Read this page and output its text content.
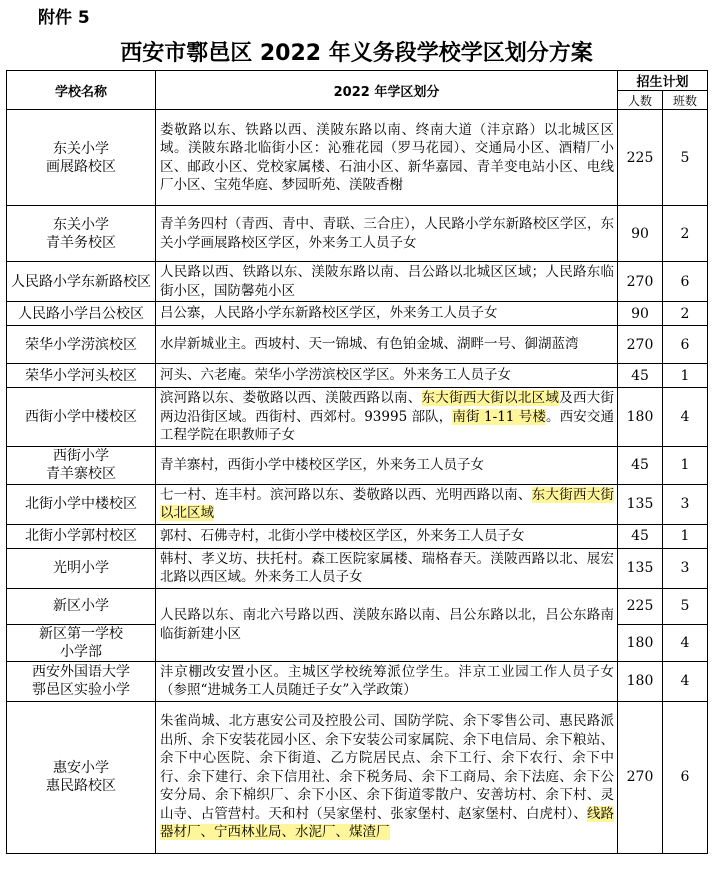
附件 5
西安市鄠邑区 2022 年义务段学校学区划分方案
学校名称	2022 年学区划分	招生计划	
		人数	班数

东关小学
画展路校区	娄敬路以东、铁路以西、渼陂东路以南、终南大道（沣京路）以北城区区域。渼陂东路北临街小区：沁雅花园（罗马花园）、交通局小区、酒精厂小区、邮政小区、党校家属楼、石油小区、新华嘉园、青羊变电站小区、电线厂小区、宝苑华庭、梦园昕苑、渼陂香榭	225	5

东关小学
青羊务校区	青羊务四村（青西、青中、青联、三合庄），人民路小学东新路校区学区，东关小学画展路校区学区，外来务工人员子女	90	2

人民路小学东新路校区	人民路以西、铁路以东、渼陂东路以南、吕公路以北城区区域；人民路东临街小区，国防馨苑小区	270	6

人民路小学吕公校区	吕公寨，人民路小学东新路校区学区，外来务工人员子女	90	2

荣华小学涝滨校区	水岸新城业主。西坡村、天一锦城、有色铂金城、湖畔一号、御湖蓝湾	270	6

荣华小学河头校区	河头、六老庵。荣华小学涝滨校区学区。外来务工人员子女	45	1

西街小学中楼校区	滨河路以东、娄敬路以西、渼陂西路以南、东大街西大街以北区域及西大街两边沿街区域。西街村、西郊村。93995 部队，南街 1-11 号楼。西安交通工程学院在职教师子女	180	4

西街小学
青羊寨校区	青羊寨村，西街小学中楼校区学区，外来务工人员子女	45	1

北街小学中楼校区	七一村、连丰村。滨河路以东、娄敬路以西、光明西路以南、东大街西大街以北区域	135	3

北街小学郭村校区	郭村、石佛寺村，北街小学中楼校区学区，外来务工人员子女	45	1

光明小学	韩村、孝义坊、扶托村。森工医院家属楼、瑞格春天。渼陂西路以北、展宏北路以西区域。外来务工人员子女	135	3

新区小学	人民路以东、南北六号路以西、渼陂东路以南、吕公东路以北，吕公东路南临街新建小区	225	5

新区第一学校
小学部		180	4

西安外国语大学
鄠邑区实验小学	沣京棚改安置小区。主城区学校统筹派位学生。沣京工业园工作人员子女（参照“进城务工人员随迁子女”入学政策）	180	4

惠安小学
惠民路校区	朱雀尚城、北方惠安公司及控股公司、国防学院、余下零售公司、惠民路派出所、余下安装花园小区、余下安装公司家属院、余下电信局、余下粮站、余下中心医院、余下街道、乙方院居民点、余下工行、余下农行、余下中行、余下建行、余下信用社、余下税务局、余下工商局、余下法庭、余下公安分局、余下棉织厂、余下小区、余下街道零散户、安善坊村、余下村、灵山寺、占管营村。天和村（吴家堡村、张家堡村、赵家堡村、白虎村）、线路器材厂、宁西林业局、水泥厂、煤渣厂	270	6
